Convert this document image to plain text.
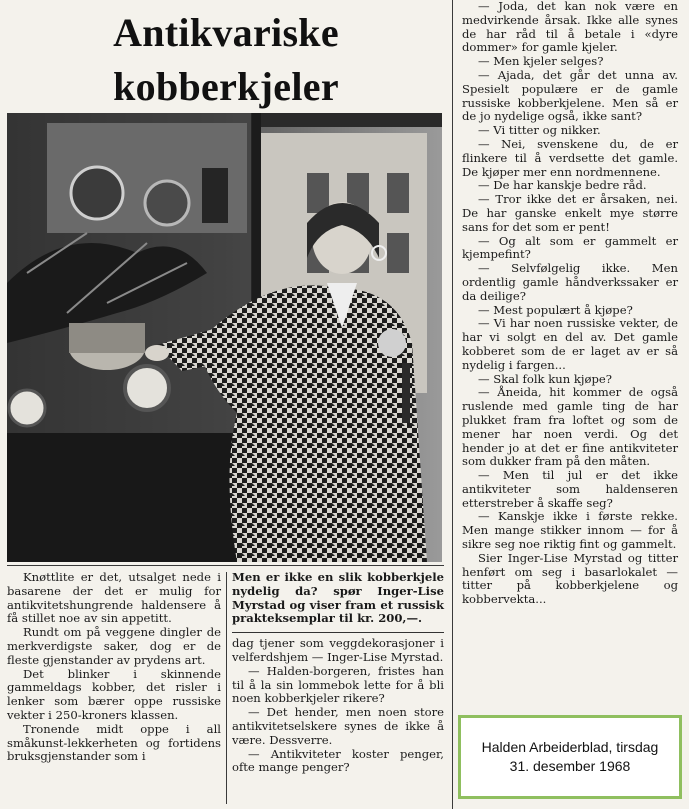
Antikvariske kobberkjeler

Knøttlite er det, utsalget nede i basarene der det er mulig for antikvitetshungrende haldensere å få stillet noe av sin appetitt.

Rundt om på veggene dingler de merkverdigste saker, dog er de fleste gjenstander av prydens art.

Det blinker i skinnende gammeldags kobber, det risler i lenker som bærer oppe russiske vekter i 250-kroners klassen.

Tronende midt oppe i all småkunst-lekkerheten og fortidens bruksgjenstander som i

Men er ikke en slik kobberkjele nydelig da? spør Inger-Lise Myrstad og viser fram et russisk prakteksemplar til kr. 200,—.

dag tjener som veggdekorasjoner i velferdshjem — Inger-Lise Myrstad.

— Halden-borgeren, fristes han til å la sin lommebok lette for å bli noen kobberkjeler rikere?

— Det hender, men noen store antikvitetselskere synes de ikke å være. Dessverre.

— Antikviteter koster penger, ofte mange penger?

— Joda, det kan nok være en medvirkende årsak. Ikke alle synes de har råd til å betale i «dyre dommer» for gamle kjeler.

— Men kjeler selges?

— Ajada, det går det unna av. Spesielt populære er de gamle russiske kobberkjelene. Men så er de jo nydelige også, ikke sant?

— Vi titter og nikker.

— Nei, svenskene du, de er flinkere til å verdsette det gamle. De kjøper mer enn nordmennene.

— De har kanskje bedre råd.

— Tror ikke det er årsaken, nei. De har ganske enkelt mye større sans for det som er pent!

— Og alt som er gammelt er kjempefint?

— Selvfølgelig ikke. Men ordentlig gamle håndverkssaker er da deilige?

— Mest populært å kjøpe?

— Vi har noen russiske vekter, de har vi solgt en del av. Det gamle kobberet som de er laget av er så nydelig i fargen...

— Skal folk kun kjøpe?

— Åneida, hit kommer de også ruslende med gamle ting de har plukket fram fra loftet og som de mener har noen verdi. Og det hender jo at det er fine antikviteter som dukker fram på den måten.

— Men til jul er det ikke antikviteter som haldenseren etterstreber å skaffe seg?

— Kanskje ikke i første rekke. Men mange stikker innom — for å sikre seg noe riktig fint og gammelt.

Sier Inger-Lise Myrstad og titter henført om seg i basarlokalet — titter på kobberkjelene og kobbervekta...

Halden Arbeiderblad, tirsdag
31. desember 1968
